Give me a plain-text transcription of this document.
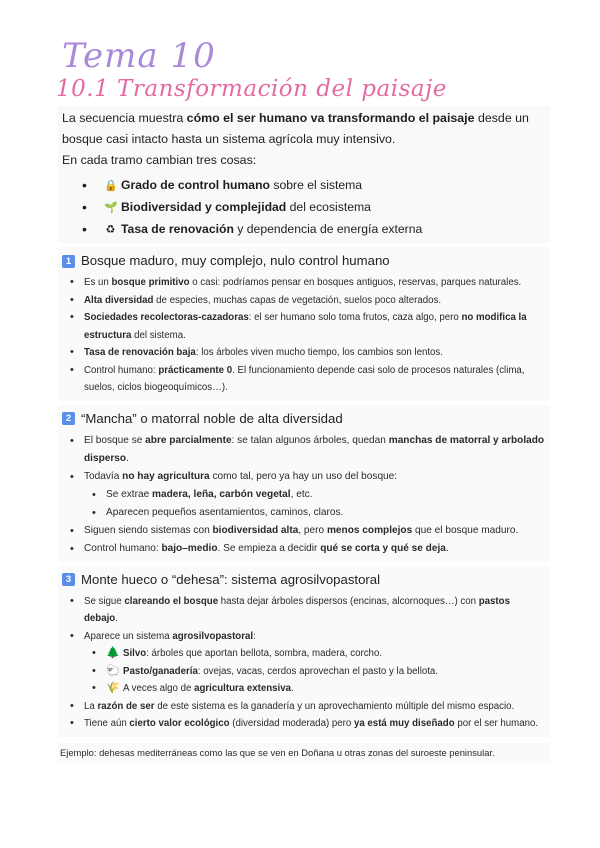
Tema 10
10.1 Transformación del paisaje

La secuencia muestra cómo el ser humano va transformando el paisaje desde un bosque casi intacto hasta un sistema agrícola muy intensivo.

En cada tramo cambian tres cosas:

• 🔒 Grado de control humano sobre el sistema
• 🌱 Biodiversidad y complejidad del ecosistema
• ♻ Tasa de renovación y dependencia de energía externa
1 Bosque maduro, muy complejo, nulo control humano
• Es un bosque primitivo o casi: podríamos pensar en bosques antiguos, reservas, parques naturales.
• Alta diversidad de especies, muchas capas de vegetación, suelos poco alterados.
• Sociedades recolectoras-cazadoras: el ser humano solo toma frutos, caza algo, pero no modifica la estructura del sistema.
• Tasa de renovación baja: los árboles viven mucho tiempo, los cambios son lentos.
• Control humano: prácticamente 0. El funcionamiento depende casi solo de procesos naturales (clima, suelos, ciclos biogeoquímicos…).
2 “Mancha” o matorral noble de alta diversidad
• El bosque se abre parcialmente: se talan algunos árboles, quedan manchas de matorral y arbolado disperso.
• Todavía no hay agricultura como tal, pero ya hay un uso del bosque:
• Se extrae madera, leña, carbón vegetal, etc.
• Aparecen pequeños asentamientos, caminos, claros.
• Siguen siendo sistemas con biodiversidad alta, pero menos complejos que el bosque maduro.
• Control humano: bajo–medio. Se empieza a decidir qué se corta y qué se deja.
3 Monte hueco o “dehesa”: sistema agrosilvopastoral
• Se sigue clareando el bosque hasta dejar árboles dispersos (encinas, alcornoques…) con pastos debajo.
• Aparece un sistema agrosilvopastoral:
• 🌲 Silvo: árboles que aportan bellota, sombra, madera, corcho.
• 🐑 Pasto/ganadería: ovejas, vacas, cerdos aprovechan el pasto y la bellota.
• 🌾 A veces algo de agricultura extensiva.
• La razón de ser de este sistema es la ganadería y un aprovechamiento múltiple del mismo espacio.
• Tiene aún cierto valor ecológico (diversidad moderada) pero ya está muy diseñado por el ser humano.

Ejemplo: dehesas mediterráneas como las que se ven en Doñana u otras zonas del suroeste peninsular.
